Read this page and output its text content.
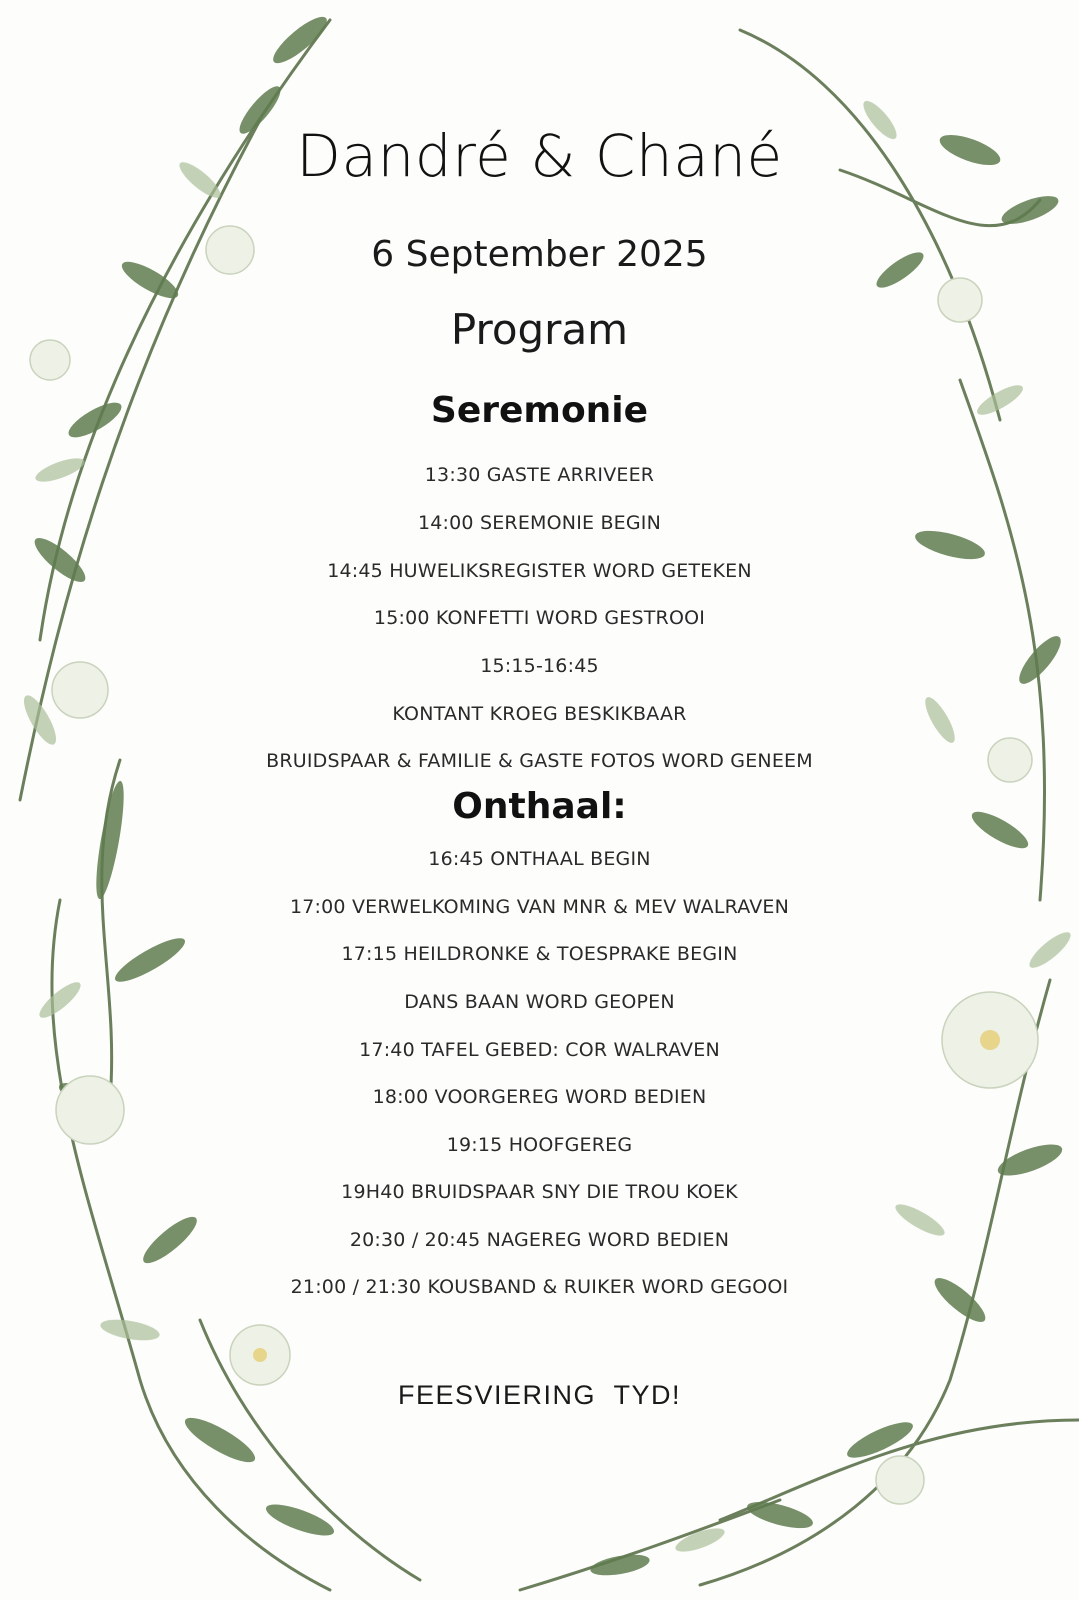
Dandré & Chané
6 September 2025
Program
Seremonie
13:30 GASTE ARRIVEER
14:00 SEREMONIE BEGIN
14:45 HUWELIKSREGISTER WORD GETEKEN
15:00 KONFETTI WORD GESTROOI
15:15-16:45
KONTANT KROEG BESKIKBAAR
BRUIDSPAAR & FAMILIE & GASTE FOTOS WORD GENEEM
Onthaal:
16:45 ONTHAAL BEGIN
17:00 VERWELKOMING VAN MNR & MEV WALRAVEN
17:15 HEILDRONKE & TOESPRAKE BEGIN
DANS BAAN WORD GEOPEN
17:40 TAFEL GEBED: COR WALRAVEN
18:00 VOORGEREG WORD BEDIEN
19:15 HOOFGEREG
19H40 BRUIDSPAAR SNY DIE TROU KOEK
20:30 / 20:45 NAGEREG WORD BEDIEN
21:00 / 21:30 KOUSBAND & RUIKER WORD GEGOOI
FEESVIERING  TYD!
